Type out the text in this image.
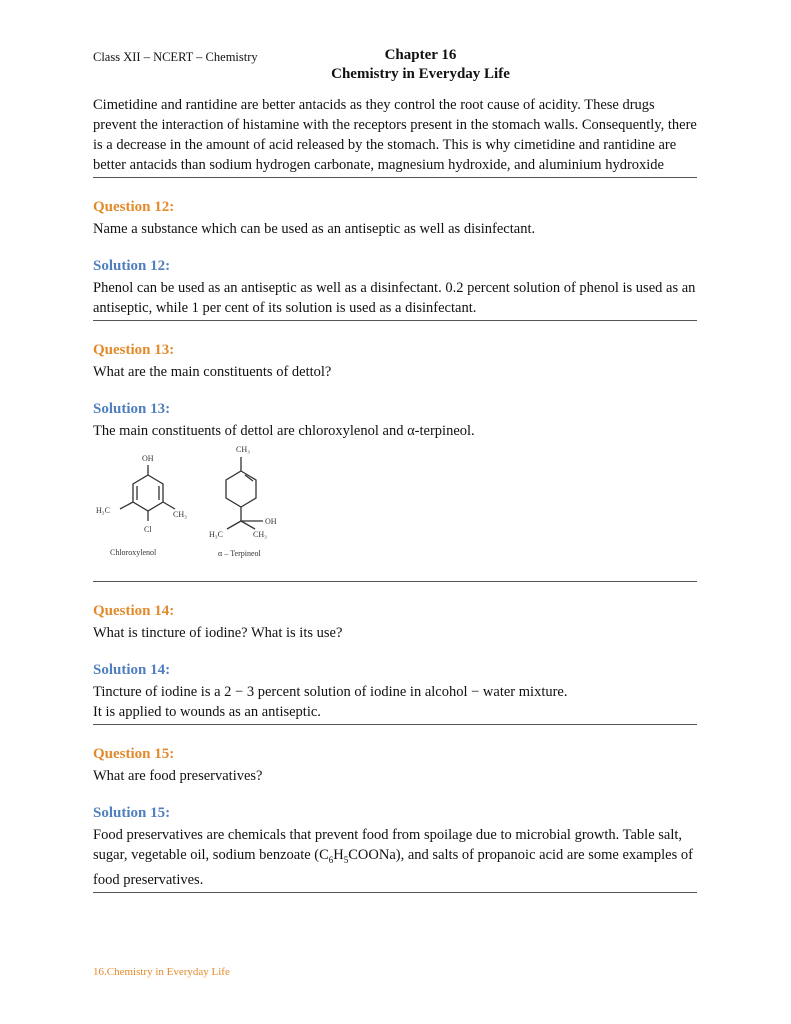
Class XII – NCERT – Chemistry	Chapter 16
Chemistry in Everyday Life

Cimetidine and rantidine are better antacids as they control the root cause of acidity. These drugs prevent the interaction of histamine with the receptors present in the stomach walls. Consequently, there is a decrease in the amount of acid released by the stomach. This is why cimetidine and rantidine are better antacids than sodium hydrogen carbonate, magnesium hydroxide, and aluminium hydroxide

Question 12:

Name a substance which can be used as an antiseptic as well as disinfectant.

Solution 12:

Phenol can be used as an antiseptic as well as a disinfectant. 0.2 percent solution of phenol is used as an antiseptic, while 1 per cent of its solution is used as a disinfectant.

Question 13:

What are the main constituents of dettol?

Solution 13:

The main constituents of dettol are chloroxylenol and α-terpineol.

OH
H₃C	CH₃
Cl
Chloroxylenol
CH₃
OH
H₃C	CH₃
α – Terpineol
Question 14:

What is tincture of iodine? What is its use?

Solution 14:

Tincture of iodine is a 2 − 3 percent solution of iodine in alcohol − water mixture.

It is applied to wounds as an antiseptic.

Question 15:

What are food preservatives?

Solution 15:

Food preservatives are chemicals that prevent food from spoilage due to microbial growth. Table salt, sugar, vegetable oil, sodium benzoate $(C_6H_5COONa)$, and salts of propanoic acid are some examples of food preservatives.

16.Chemistry in Everyday Life
